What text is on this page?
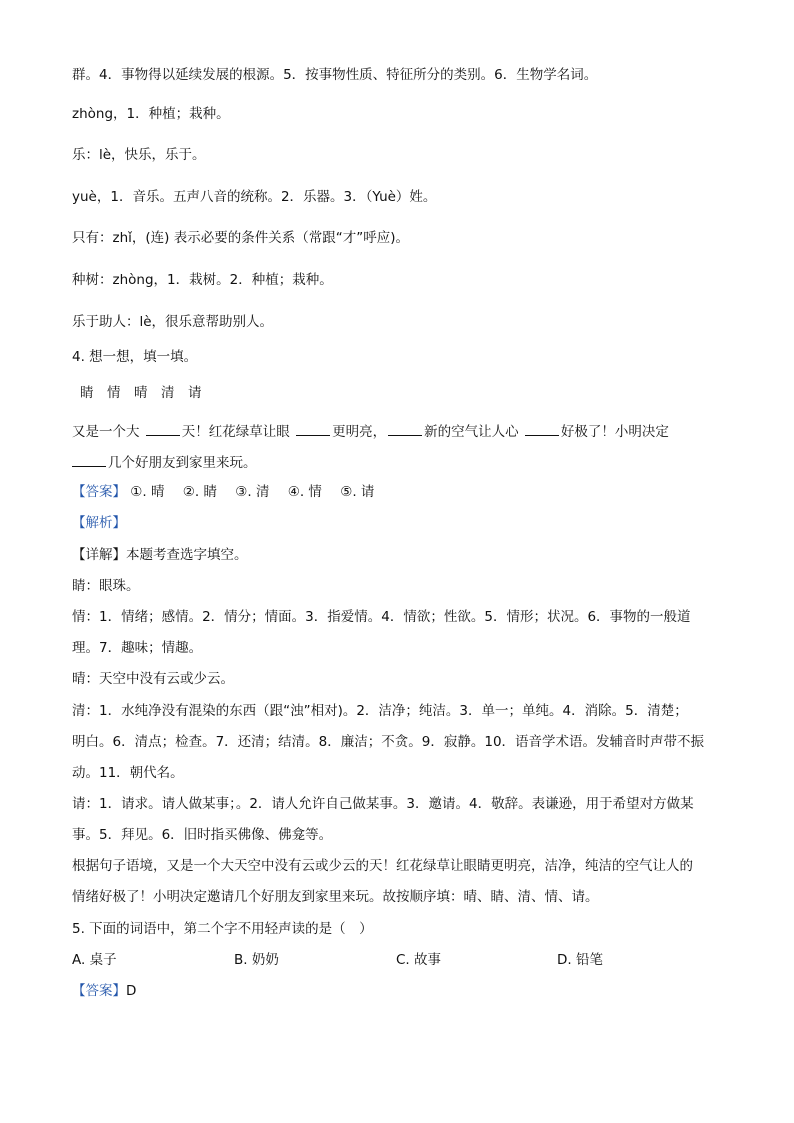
群。4．事物得以延续发展的根源。5．按事物性质、特征所分的类别。6．生物学名词。
zhòng，1．种植；栽种。
乐：lè，快乐，乐于。
yuè，1．音乐。五声八音的统称。2．乐器。3．（Yuè）姓。
只有：zhǐ，(连) 表示必要的条件关系（常跟“才”呼应)。
种树：zhòng，1．栽树。2．种植；栽种。
乐于助人：lè，很乐意帮助别人。
4. 想一想，填一填。
睛　情　晴　清　请
又是一个大	天！红花绿草让眼	更明亮，	新的空气让人心	好极了！小明决定
几个好朋友到家里来玩。
【答案】 ①. 晴 ②. 睛 ③. 清 ④. 情 ⑤. 请
【解析】
【详解】本题考查选字填空。
睛：眼珠。
情：1．情绪；感情。2．情分；情面。3．指爱情。4．情欲；性欲。5．情形；状况。6．事物的一般道
理。7．趣味；情趣。
晴：天空中没有云或少云。
清：1．水纯净没有混染的东西（跟“浊”相对)。2．洁净；纯洁。3．单一；单纯。4．消除。5．清楚；
明白。6．清点；检查。7．还清；结清。8．廉洁；不贪。9．寂静。10．语音学术语。发辅音时声带不振
动。11．朝代名。
请：1．请求。请人做某事；。2．请人允许自己做某事。3．邀请。4．敬辞。表谦逊，用于希望对方做某
事。5．拜见。6．旧时指买佛像、佛龛等。
根据句子语境，又是一个大天空中没有云或少云的天！红花绿草让眼睛更明亮，洁净，纯洁的空气让人的
情绪好极了！小明决定邀请几个好朋友到家里来玩。故按顺序填：晴、睛、清、情、请。
5. 下面的词语中，第二个字不用轻声读的是（　）
A. 桌子	B. 奶奶	C. 故事	D. 铅笔
【答案】D
